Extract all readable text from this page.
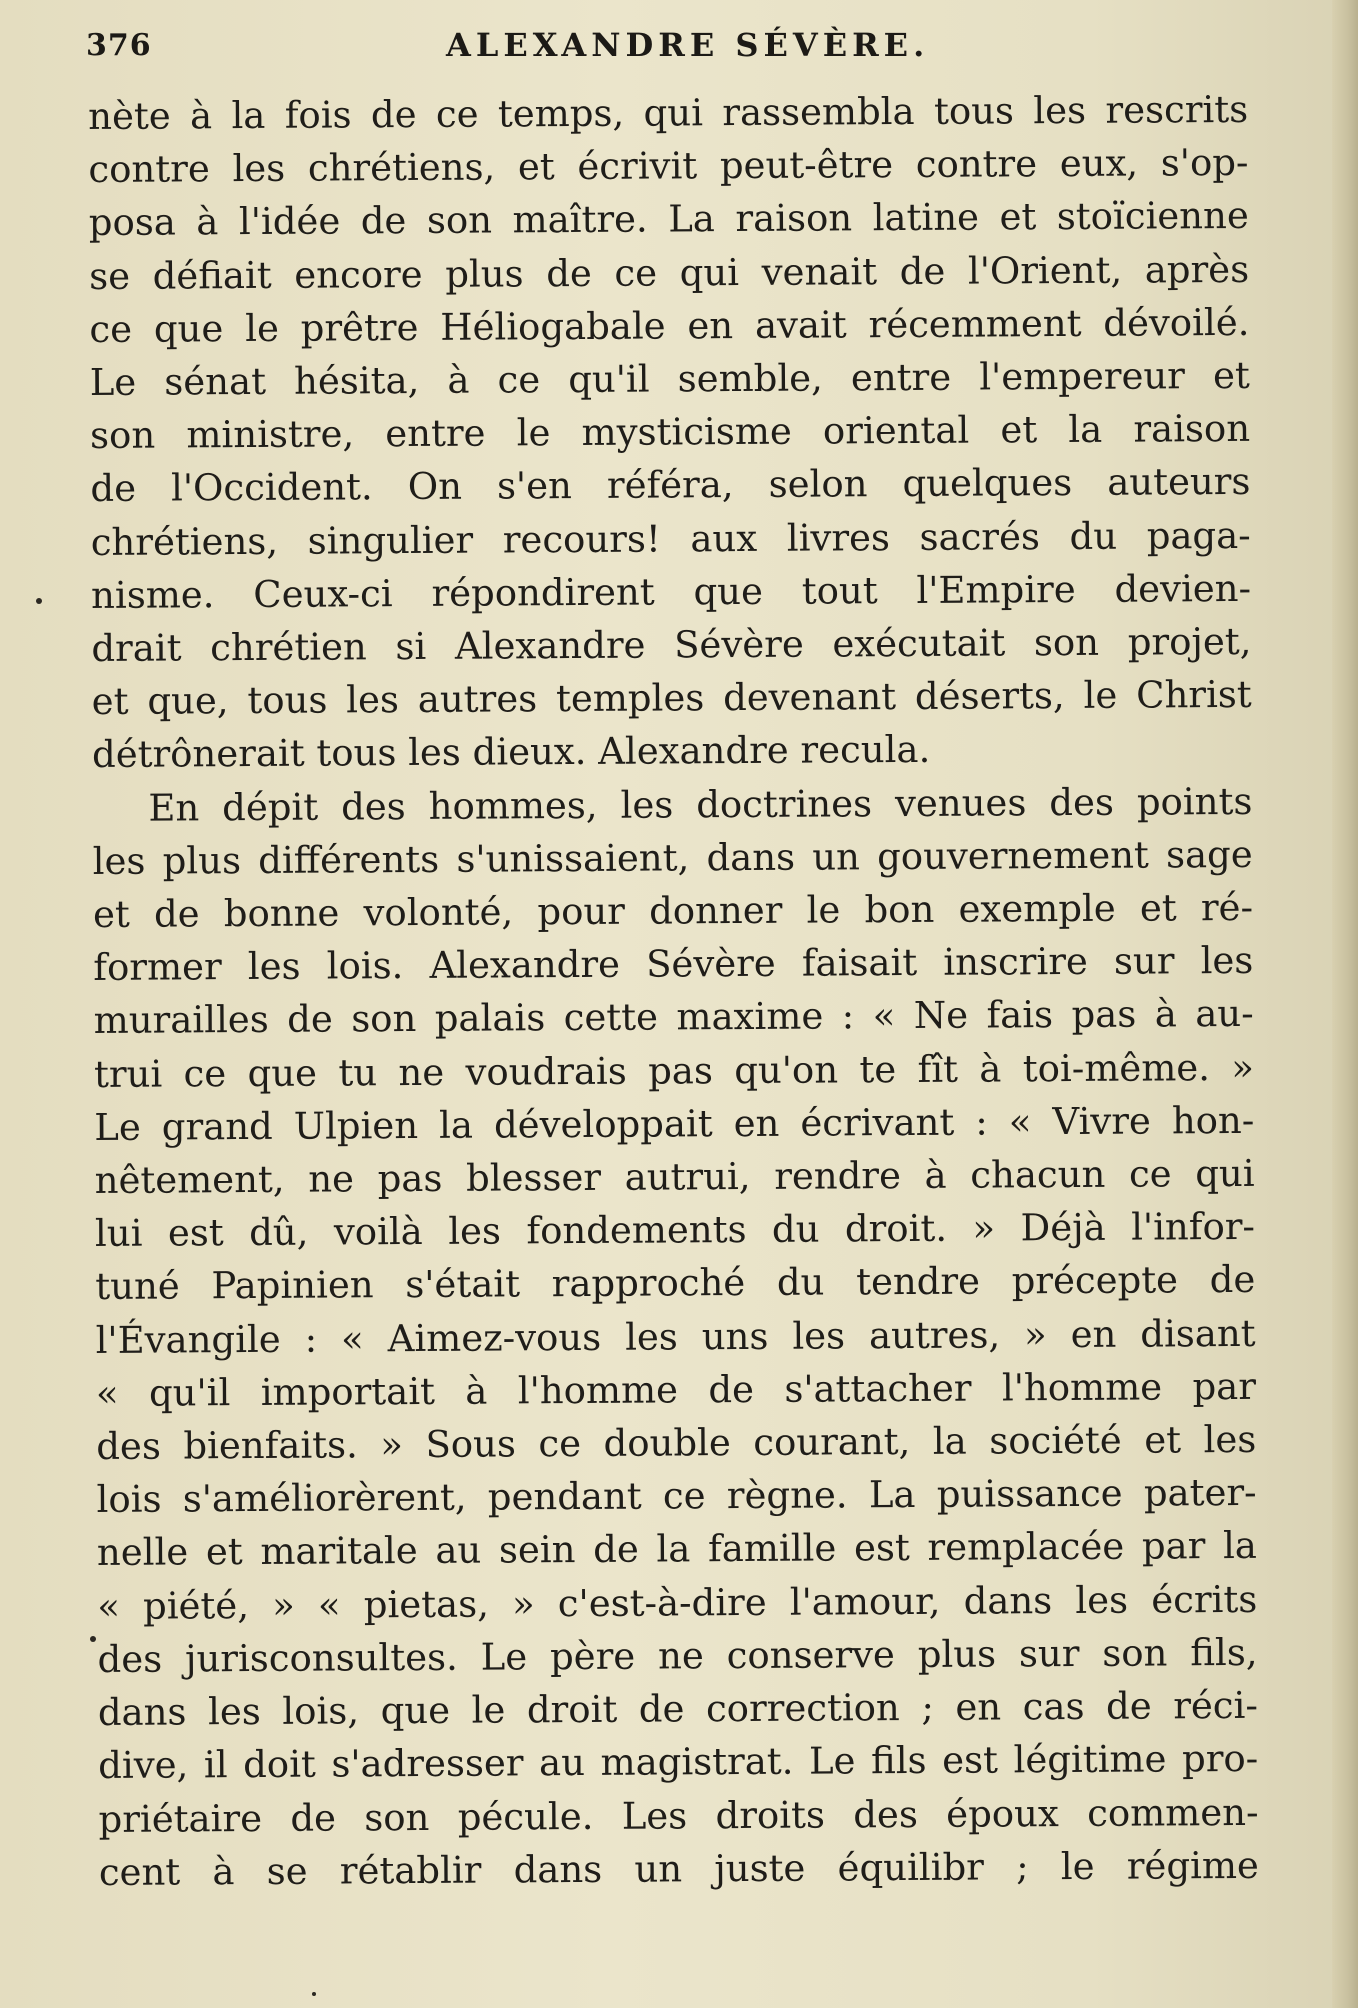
376	ALEXANDRE SÉVÈRE.
nète à la fois de ce temps, qui rassembla tous les rescrits
contre les chrétiens, et écrivit peut-être contre eux, s'op-
posa à l'idée de son maître. La raison latine et stoïcienne
se défiait encore plus de ce qui venait de l'Orient, après
ce que le prêtre Héliogabale en avait récemment dévoilé.
Le sénat hésita, à ce qu'il semble, entre l'empereur et
son ministre, entre le mysticisme oriental et la raison
de l'Occident. On s'en référa, selon quelques auteurs
chrétiens, singulier recours! aux livres sacrés du paga-
nisme. Ceux-ci répondirent que tout l'Empire devien-
drait chrétien si Alexandre Sévère exécutait son projet,
et que, tous les autres temples devenant déserts, le Christ
détrônerait tous les dieux. Alexandre recula.
En dépit des hommes, les doctrines venues des points
les plus différents s'unissaient, dans un gouvernement sage
et de bonne volonté, pour donner le bon exemple et ré-
former les lois. Alexandre Sévère faisait inscrire sur les
murailles de son palais cette maxime : « Ne fais pas à au-
trui ce que tu ne voudrais pas qu'on te fît à toi-même. »
Le grand Ulpien la développait en écrivant : « Vivre hon-
nêtement, ne pas blesser autrui, rendre à chacun ce qui
lui est dû, voilà les fondements du droit. » Déjà l'infor-
tuné Papinien s'était rapproché du tendre précepte de
l'Évangile : « Aimez-vous les uns les autres, » en disant
« qu'il importait à l'homme de s'attacher l'homme par
des bienfaits. » Sous ce double courant, la société et les
lois s'améliorèrent, pendant ce règne. La puissance pater-
nelle et maritale au sein de la famille est remplacée par la
« piété, » « pietas, » c'est-à-dire l'amour, dans les écrits
des jurisconsultes. Le père ne conserve plus sur son fils,
dans les lois, que le droit de correction ; en cas de réci-
dive, il doit s'adresser au magistrat. Le fils est légitime pro-
priétaire de son pécule. Les droits des époux commen-
cent à se rétablir dans un juste équilibr ; le régime
